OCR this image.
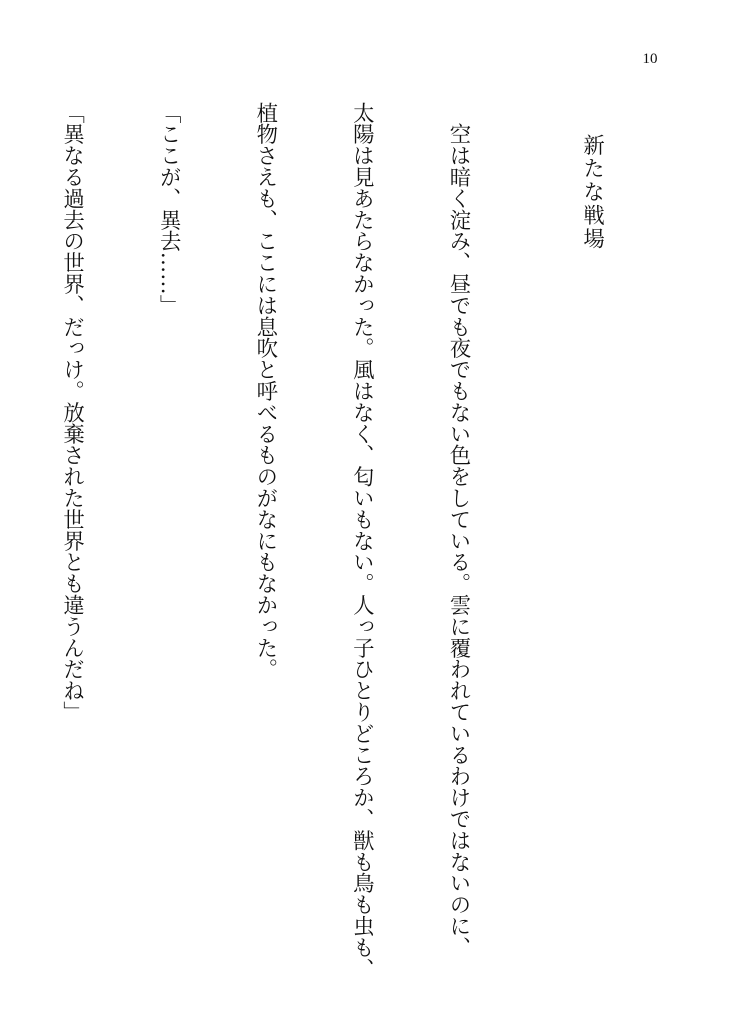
10

新たな戦場

　空は暗く淀み、昼でも夜でもない色をしている。雲に覆われているわけではないのに、

太陽は見あたらなかった。風はなく、匂いもない。人っ子ひとりどころか、獣も鳥も虫も、

植物さえも、ここには息吹と呼べるものがなにもなかった。

「ここが、異去……」

「異なる過去の世界、だっけ。放棄された世界とも違うんだね」
